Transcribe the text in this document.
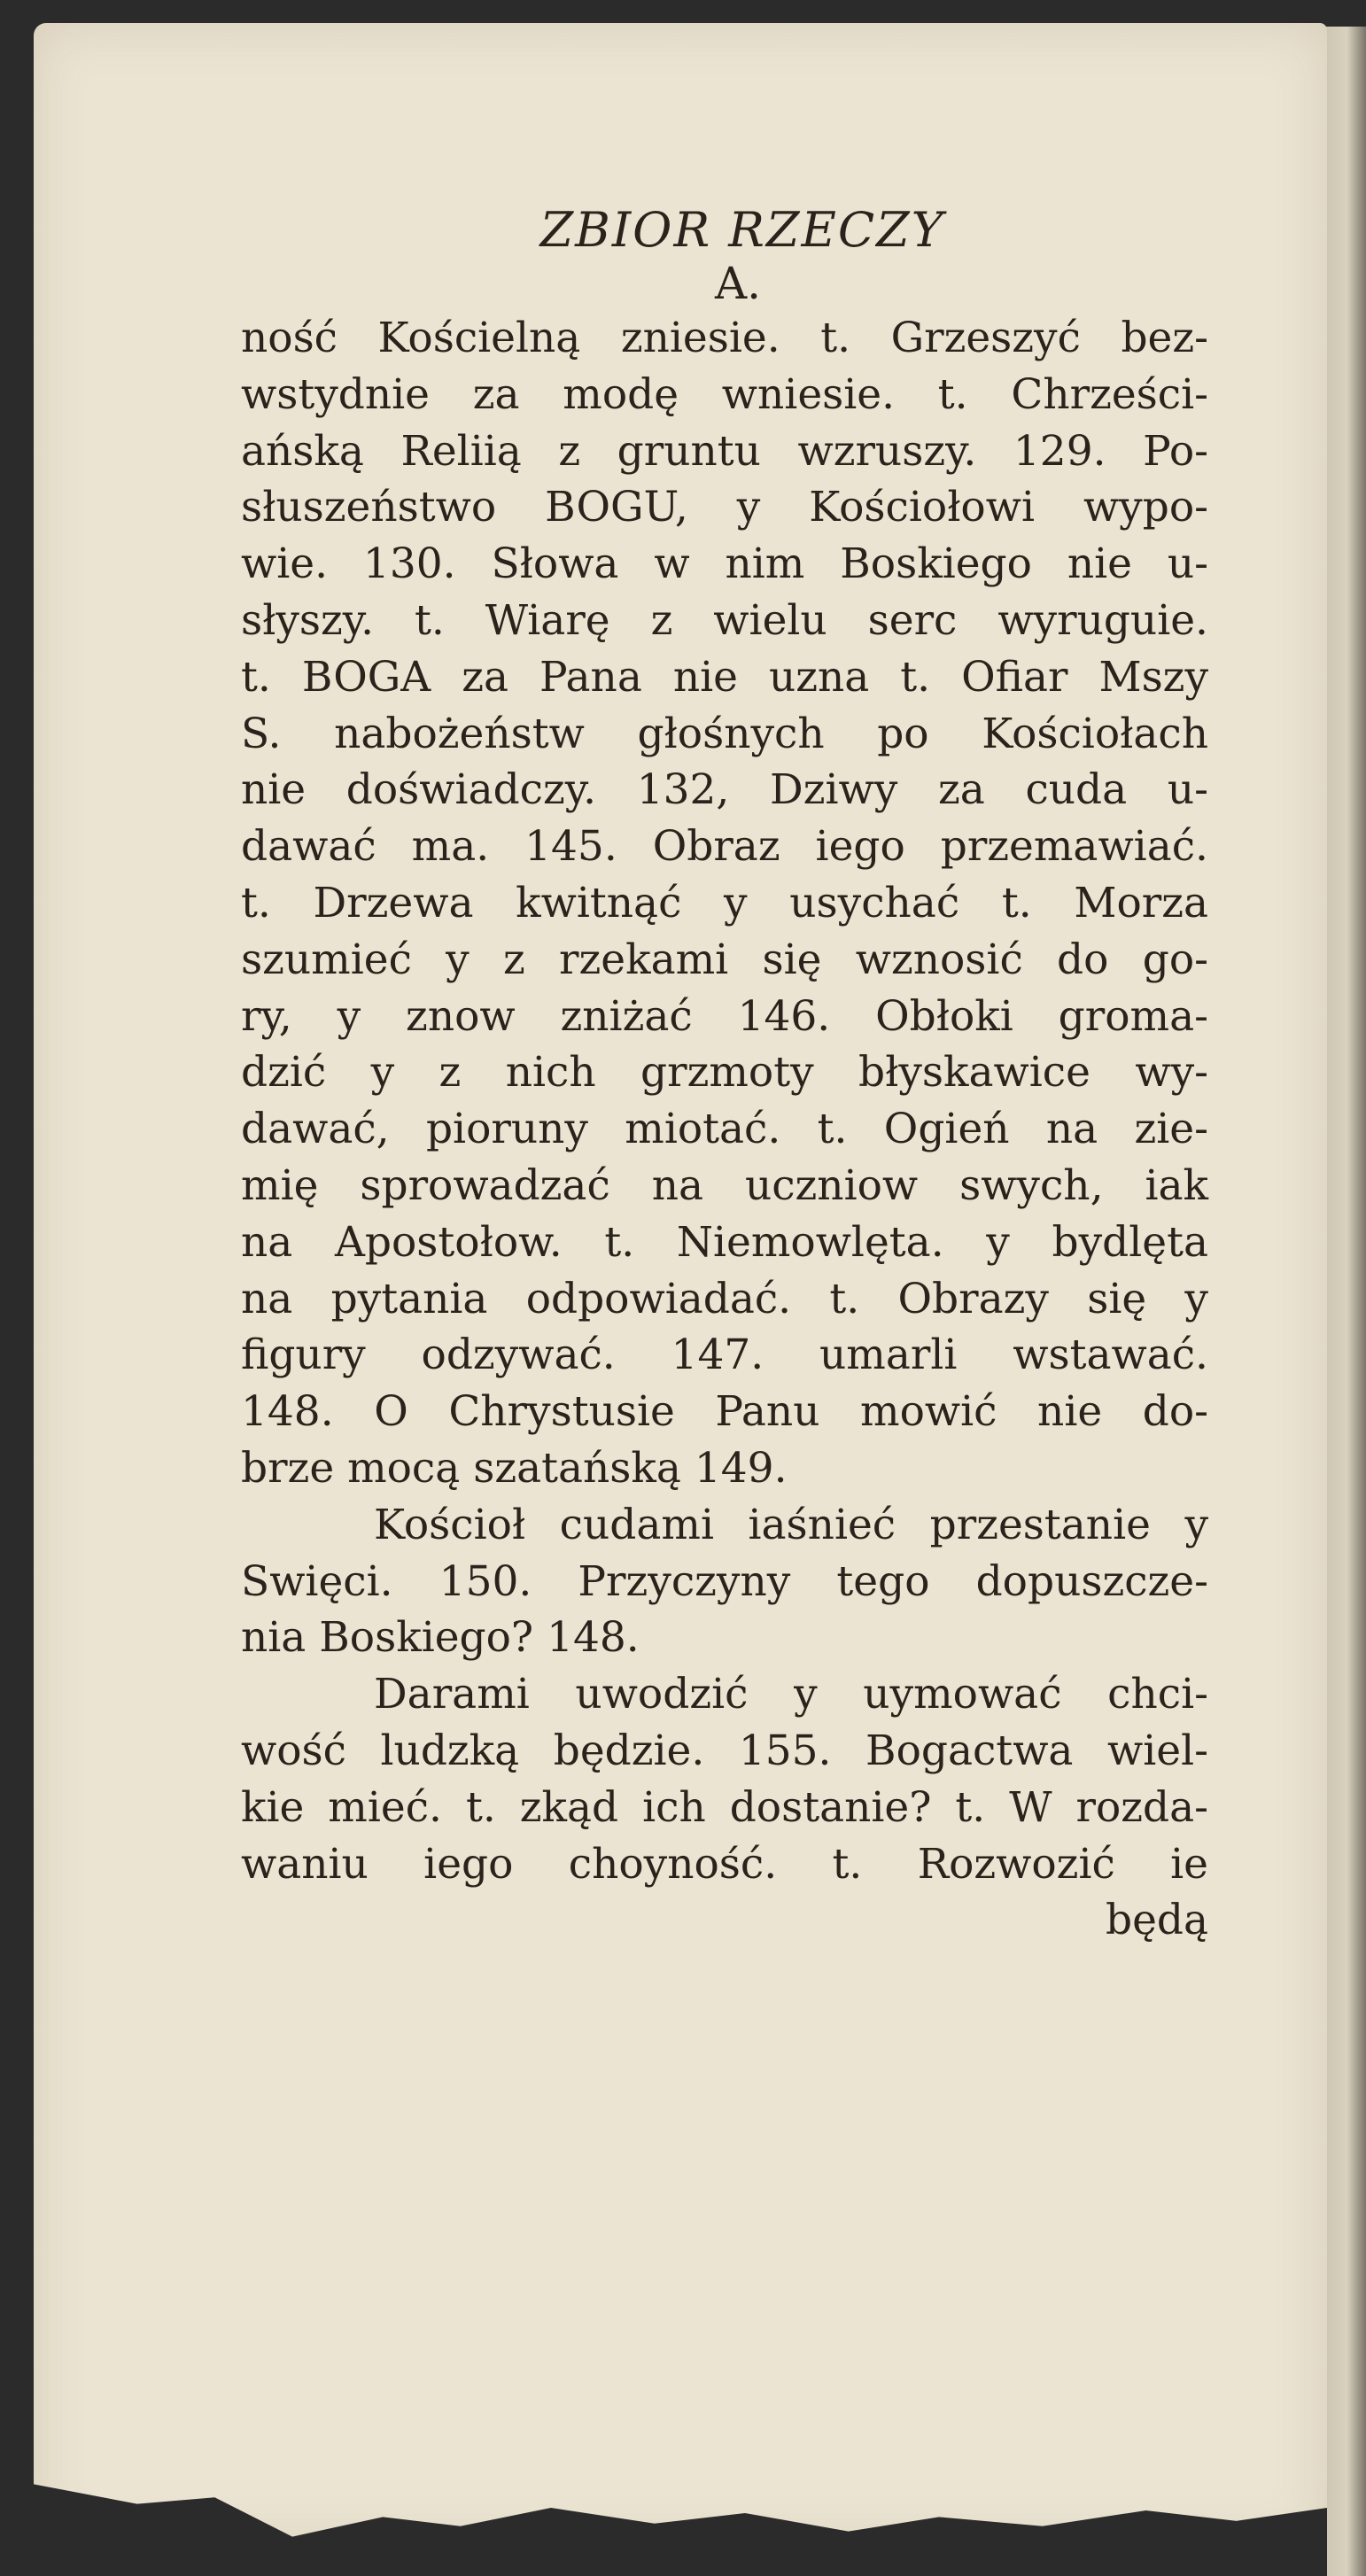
ZBIOR RZECZY
A.
ność Kościelną zniesie. t. Grzeszyć bez-
wstydnie za modę wniesie. t. Chrześci-
ańską Reliią z gruntu wzruszy. 129. Po-
słuszeństwo BOGU, y Kościołowi wypo-
wie. 130. Słowa w nim Boskiego nie u-
słyszy. t. Wiarę z wielu serc wyruguie.
t. BOGA za Pana nie uzna t. Ofiar Mszy
S. nabożeństw głośnych po Kościołach
nie doświadczy. 132, Dziwy za cuda u-
dawać ma. 145. Obraz iego przemawiać.
t. Drzewa kwitnąć y usychać t. Morza
szumieć y z rzekami się wznosić do go-
ry, y znow zniżać 146. Obłoki groma-
dzić y z nich grzmoty błyskawice wy-
dawać, pioruny miotać. t. Ogień na zie-
mię sprowadzać na uczniow swych, iak
na Apostołow. t. Niemowlęta. y bydlęta
na pytania odpowiadać. t. Obrazy się y
figury odzywać. 147. umarli wstawać.
148. O Chrystusie Panu mowić nie do-
brze mocą szatańską 149.
Kościoł cudami iaśnieć przestanie y
Swięci. 150. Przyczyny tego dopuszcze-
nia Boskiego? 148.
Darami uwodzić y uymować chci-
wość ludzką będzie. 155. Bogactwa wiel-
kie mieć. t. zkąd ich dostanie? t. W rozda-
waniu iego choyność. t. Rozwozić ie
będą
